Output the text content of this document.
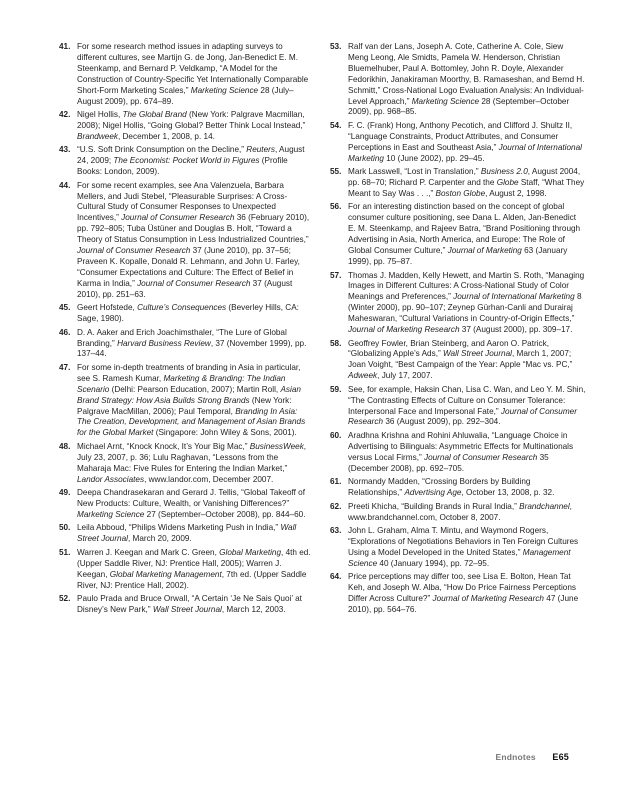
41. For some research method issues in adapting surveys to different cultures, see Martijn G. de Jong, Jan-Benedict E. M. Steenkamp, and Bernard P. Veldkamp, “A Model for the Construction of Country-Specific Yet Internationally Comparable Short-Form Marketing Scales,” Marketing Science 28 (July–August 2009), pp. 674–89.
42. Nigel Hollis, The Global Brand (New York: Palgrave Macmillan, 2008); Nigel Hollis, “Going Global? Better Think Local Instead,” Brandweek, December 1, 2008, p. 14.
43. “U.S. Soft Drink Consumption on the Decline,” Reuters, August 24, 2009; The Economist: Pocket World in Figures (Profile Books: London, 2009).
44. For some recent examples, see Ana Valenzuela, Barbara Mellers, and Judi Stebel, “Pleasurable Surprises: A Cross-Cultural Study of Consumer Responses to Unexpected Incentives,” Journal of Consumer Research 36 (February 2010), pp. 792–805; Tuba Üstüner and Douglas B. Holt, “Toward a Theory of Status Consumption in Less Industrialized Countries,” Journal of Consumer Research 37 (June 2010), pp. 37–56; Praveen K. Kopalle, Donald R. Lehmann, and John U. Farley, “Consumer Expectations and Culture: The Effect of Belief in Karma in India,” Journal of Consumer Research 37 (August 2010), pp. 251–63.
45. Geert Hofstede, Culture’s Consequences (Beverley Hills, CA: Sage, 1980).
46. D. A. Aaker and Erich Joachimsthaler, “The Lure of Global Branding,” Harvard Business Review, 37 (November 1999), pp. 137–44.
47. For some in-depth treatments of branding in Asia in particular, see S. Ramesh Kumar, Marketing & Branding: The Indian Scenario (Delhi: Pearson Education, 2007); Martin Roll, Asian Brand Strategy: How Asia Builds Strong Brands (New York: Palgrave MacMillan, 2006); Paul Temporal, Branding In Asia: The Creation, Development, and Management of Asian Brands for the Global Market (Singapore: John Wiley & Sons, 2001).
48. Michael Arnt, “Knock Knock, It’s Your Big Mac,” BusinessWeek, July 23, 2007, p. 36; Lulu Raghavan, “Lessons from the Maharaja Mac: Five Rules for Entering the Indian Market,” Landor Associates, www.landor.com, December 2007.
49. Deepa Chandrasekaran and Gerard J. Tellis, “Global Takeoff of New Products: Culture, Wealth, or Vanishing Differences?” Marketing Science 27 (September–October 2008), pp. 844–60.
50. Leila Abboud, “Philips Widens Marketing Push in India,” Wall Street Journal, March 20, 2009.
51. Warren J. Keegan and Mark C. Green, Global Marketing, 4th ed. (Upper Saddle River, NJ: Prentice Hall, 2005); Warren J. Keegan, Global Marketing Management, 7th ed. (Upper Saddle River, NJ: Prentice Hall, 2002).
52. Paulo Prada and Bruce Orwall, “A Certain ‘Je Ne Sais Quoi’ at Disney’s New Park,” Wall Street Journal, March 12, 2003.
53. Ralf van der Lans, Joseph A. Cote, Catherine A. Cole, Siew Meng Leong, Ale Smidts, Pamela W. Henderson, Christian Bluemelhuber, Paul A. Bottomley, John R. Doyle, Alexander Fedorikhin, Janakiraman Moorthy, B. Ramaseshan, and Bernd H. Schmitt,” Cross-National Logo Evaluation Analysis: An Individual-Level Approach,” Marketing Science 28 (September–October 2009), pp. 968–85.
54. F. C. (Frank) Hong, Anthony Pecotich, and Clifford J. Shultz II, “Language Constraints, Product Attributes, and Consumer Perceptions in East and Southeast Asia,” Journal of International Marketing 10 (June 2002), pp. 29–45.
55. Mark Lasswell, “Lost in Translation,” Business 2.0, August 2004, pp. 68–70; Richard P. Carpenter and the Globe Staff, “What They Meant to Say Was . . .,” Boston Globe, August 2, 1998.
56. For an interesting distinction based on the concept of global consumer culture positioning, see Dana L. Alden, Jan-Benedict E. M. Steenkamp, and Rajeev Batra, “Brand Positioning through Advertising in Asia, North America, and Europe: The Role of Global Consumer Culture,” Journal of Marketing 63 (January 1999), pp. 75–87.
57. Thomas J. Madden, Kelly Hewett, and Martin S. Roth, “Managing Images in Different Cultures: A Cross-National Study of Color Meanings and Preferences,” Journal of International Marketing 8 (Winter 2000), pp. 90–107; Zeynep Gürhan-Canli and Durairaj Maheswaran, “Cultural Variations in Country-of-Origin Effects,” Journal of Marketing Research 37 (August 2000), pp. 309–17.
58. Geoffrey Fowler, Brian Steinberg, and Aaron O. Patrick, “Globalizing Apple’s Ads,” Wall Street Journal, March 1, 2007; Joan Voight, “Best Campaign of the Year: Apple “Mac vs. PC,” Adweek, July 17, 2007.
59. See, for example, Haksin Chan, Lisa C. Wan, and Leo Y. M. Shin, “The Contrasting Effects of Culture on Consumer Tolerance: Interpersonal Face and Impersonal Fate,” Journal of Consumer Research 36 (August 2009), pp. 292–304.
60. Aradhna Krishna and Rohini Ahluwalia, “Language Choice in Advertising to Bilinguals: Asymmetric Effects for Multinationals versus Local Firms,” Journal of Consumer Research 35 (December 2008), pp. 692–705.
61. Normandy Madden, “Crossing Borders by Building Relationships,” Advertising Age, October 13, 2008, p. 32.
62. Preeti Khicha, “Building Brands in Rural India,” Brandchannel, www.brandchannel.com, October 8, 2007.
63. John L. Graham, Alma T. Mintu, and Waymond Rogers, “Explorations of Negotiations Behaviors in Ten Foreign Cultures Using a Model Developed in the United States,” Management Science 40 (January 1994), pp. 72–95.
64. Price perceptions may differ too, see Lisa E. Bolton, Hean Tat Keh, and Joseph W. Alba, “How Do Price Fairness Perceptions Differ Across Culture?” Journal of Marketing Research 47 (June 2010), pp. 564–76.
Endnotes E65
